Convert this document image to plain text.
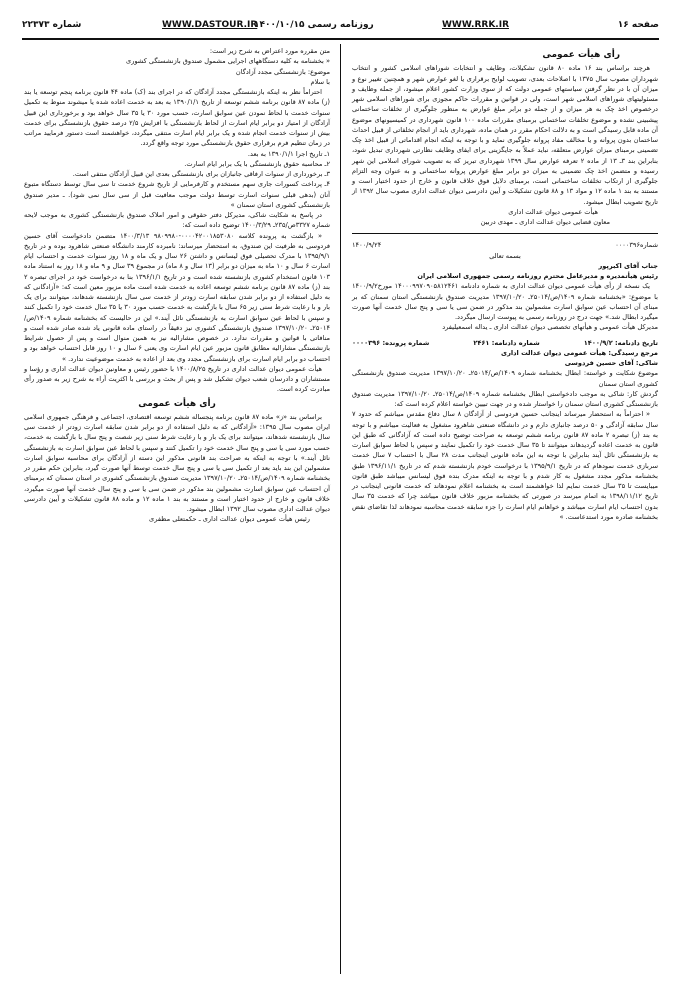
صفحه ۱۶
WWW.RRK.IR
روزنامه رسمی ۱۴۰۰/۱۰/۱۵
WWW.DASTOUR.IR
شماره ۲۲۳۷۳
رأی هیأت عمومی

هرچند براساس بند ۱۶ ماده ۸۰ قانون تشکیلات، وظایف و انتخابات شوراهای اسلامی کشور و انتخاب شهرداران مصوب سال ۱۳۷۵ با اصلاحات بعدی، تصویب لوایح برقراری یا لغو عوارض شهر و همچنین تغییر نوع و میزان آن با در نظر گرفتن سیاستهای عمومی دولت که از سوی وزارت کشور اعلام میشود، از جمله وظایف و مسئولیتهای شوراهای اسلامی شهر است، ولی در قوانین و مقررات حاکم مجوزی برای شوراهای اسلامی شهر درخصوص اخذ چک به هر میزان و از جمله دو برابر مبلغ عوارض به منظور جلوگیری از تخلفات ساختمانی پیشبینی نشده و موضوع تخلفات ساختمانی برمبنای مقررات ماده ۱۰۰ قانون شهرداری در کمیسیونهای موضوع آن ماده قابل رسیدگی است و به دلالت احکام مقرر در همان ماده، شهرداری باید از انجام تخلفاتی از قبیل احداث ساختمان بدون پروانه و یا مخالف مفاد پروانه جلوگیری نماید و با توجه به اینکه انجام اقداماتی از قبیل اخذ چک تضمینی برمبنای میزان عوارض متعلقه، نباید عملاً به جایگزینی برای ایفای وظایف نظارتی شهرداری تبدیل شود، بنابراین بند ۳ـ ۱۳ از ماده ۲ تعرفه عوارض سال ۱۳۹۹ شهرداری تبریز که به تصویب شورای اسلامی این شهر رسیده و متضمن اخذ چک تضمینی به میزان دو برابر مبلغ عوارض پروانه ساختمانی و به عنوان وجه التزام جلوگیری از ارتکاب تخلفات ساختمانی است، برمبنای دلایل فوق خلاف قانون و خارج از حدود اختیار است و مستند به بند ۱ ماده ۱۲ و مواد ۱۳ و ۸۸ قانون تشکیلات و آیین دادرسی دیوان عدالت اداری مصوب سال ۱۳۹۲ از تاریخ تصویب ابطال میشود.

هیأت عمومی دیوان عدالت اداری

معاون قضایی دیوان عدالت اداری ـ مهدی دربین

شماره۰۰۰۰۳۹۶
۱۴۰۰/۹/۲۴

بسمه تعالی

جناب آقای اکبرپور

رئیس هیأتمدیره و مدیرعامل محترم روزنامه رسمی جمهوری اسلامی ایران

یک نسخه از رأی هیأت عمومی دیوان عدالت اداری به شماره دادنامه ۱۴۰۰۰۹۹۷۰۹۰۵۸۱۲۴۶۱ مورخ۱۴۰۰/۹/۲ با موضوع: «بخشنامه شماره ۱۴۰۹/ص/۲۵۰۱۴ـ ۱۳۹۷/۱۰/۲۰ مدیریت صندوق بازنشستگی استان سمنان که بر مبنای آن احتساب عین سوابق اسارت مشمولین بند مذکور در ضمن سی یا سی و پنج سال خدمت آنها صورت میگیرد ابطال شد.» جهت درج در روزنامه رسمی به پیوست ارسال میگردد.

مدیرکل هیأت عمومی و هیأتهای تخصصی دیوان عدالت اداری ـ یداله اسمعیلیفرد

تاریخ دادنامه: ۱۴۰۰/۹/۲
شماره دادنامه: ۲۴۶۱
شماره پرونده: ۰۰۰۰۳۹۶

مرجع رسیدگی: هیأت عمومی دیوان عدالت اداری

شاکی: آقای حسین فردوسی

موضوع شکایت و خواسته: ابطال بخشنامه شماره ۱۴۰۹/ص/۲۵۰۱۴ـ ۱۳۹۷/۱۰/۲۰ مدیریت صندوق بازنشستگی کشوری استان سمنان

گردش کار: شاکی به موجب دادخواستی ابطال بخشنامه شماره ۱۴۰۹/ص/۲۵۰۱۴ـ ۱۳۹۷/۱۰/۲۰ مدیریت صندوق بازنشستگی کشوری استان سمنان را خواستار شده و در جهت تبیین خواسته اعلام کرده است که:

« احتراماً به استحضار میرساند اینجانب حسین فردوسی از آزادگان ۸ سال دفاع مقدس میباشم که حدود ۷ سال سابقه آزادگی و ۵۰ درصد جانبازی دارم و در دانشگاه صنعتی شاهرود مشغول به فعالیت میباشم و با توجه به بند (ز) تبصره ۲ ماده ۸۷ قانون برنامه ششم توسعه به صراحت توضیح داده است که آزادگانی که طبق این قانون به خدمت اعاده گردیدهاند میتوانند تا ۳۵ سال خدمت خود را تکمیل نمایند و سپس با لحاظ سوابق اسارت به بازنشستگی نائل آیند بنابراین با توجه به این ماده قانونی اینجانب مدت ۲۸ سال با احتساب ۷ سال خدمت سربازی خدمت نمودهام که در تاریخ ۱۳۹۵/۹/۱ با درخواست خودم بازنشسته شدم که در تاریخ ۱۳۹۶/۱۱/۱ طبق بخشنامه مذکور مجدد مشغول به کار شدم و با توجه به اینکه مدرک بنده فوق لیسانس میباشد طبق قانون میبایست تا ۳۵ سال خدمت نمایم لذا خواهشمند است به بخشنامه اعلام نمودهاند که خدمت قانونی اینجانب در تاریخ ۱۳۹۸/۱۱/۱۲ به اتمام میرسد در صورتی که بخشنامه مزبور خلاف قانون میباشد چرا که خدمت ۳۵ سال بدون احتساب ایام اسارت میباشد و خواهانم ایام اسارت را جزء سابقه خدمت محاسبه نمودهاند لذا تقاضای نقض بخشنامه صادره مورد استدعاست. »

متن مقرره مورد اعتراض به شرح زیر است:

« بخشنامه به کلیه دستگاههای اجرایی مشمول صندوق بازنشستگی کشوری

موضوع: بازنشستگی مجدد آزادگان

با سلام

احتراماً نظر به اینکه بازنشستگی مجدد آزادگان که در اجرای بند (ک) ماده ۴۴ قانون برنامه پنجم توسعه یا بند (ز) ماده ۸۷ قانون برنامه ششم توسعه از تاریخ ۱۳۹۰/۱/۱ به بعد به خدمت اعاده شده یا میشوند منوط به تکمیل سنوات خدمت با لحاظ نمودن عین سوابق اسارت، حسب مورد ۳۰ یا ۳۵ سال خواهد بود و برخورداری این قبیل آزادگان از امتیاز دو برابر ایام اسارت از لحاظ بازنشستگی با افزایش ۲/۵ درصد حقوق بازنشستگی برای خدمت بیش از سنوات خدمت انجام شده و یک برابر ایام اسارت منتفی میگردد، خواهشمند است دستور فرمایید مراتب در زمان تنظیم فرم برقراری حقوق بازنشستگی مورد توجه واقع گردد.

۱ـ تاریخ اجرا ۱۳۹۰/۱/۱ به بعد.

۲ـ محاسبه حقوق بازنشستگی با یک برابر ایام اسارت.

۳ـ برخورداری از سنوات ارفاقی جانبازان برای بازنشستگی بعدی این قبیل آزادگان منتفی است.

۴ـ پرداخت کسورات جاری سهم مستخدم و کارفرمایی از تاریخ شروع خدمت تا سی سال توسط دستگاه متبوع آنان (بدهی قبلی سنوات اسارت توسط دولت موجب معافیت قبل از سی سال نمی شود). ـ مدیر صندوق بازنشستگی کشوری استان سمنان »

در پاسخ به شکایت شاکی، مدیرکل دفتر حقوقی و امور املاک صندوق بازنشستگی کشوری به موجب لایحه شماره ۳۳۲۷ص/۲۳۵ـ ۱۴۰۰/۳/۲۹ توضیح داده است که:

« بازگشت به پرونده کلاسه ۰۰۰۰۴۲۰۰۱۸۵۳۰۸۰-۹۸۰۹۹۸۰ ۱۴۰۰/۳/۱۳ متضمن دادخواست آقای حسین فردوسی به طرفیت این صندوق، به استحضار میرساند: نامبرده کارمند دانشگاه صنعتی شاهرود بوده و در تاریخ ۱۳۹۵/۹/۱ با مدرک تحصیلی فوق لیسانس و داشتن ۲۶ سال و یک ماه و ۱۸ روز سنوات خدمت و احتساب ایام اسارت ۶ سال و ۱۰ ماه به میزان دو برابر (۱۳ سال و ۸ ماه) در مجموع ۳۹ سال و ۹ ماه و ۱۸ روز به استناد ماده ۱۰۳ قانون استخدام کشوری بازنشسته شده است و در تاریخ ۱۳۹۶/۱/۱ بنا به درخواست خود در اجرای تبصره ۲ بند (ز) ماده ۸۷ قانون برنامه ششم توسعه اعاده به خدمت شده است ماده مزبور معین است که: «آزادگانی که به دلیل استفاده از دو برابر شدن سابقه اسارت زودتر از خدمت سی سال بازنشسته شدهاند، میتوانند برای یک بار و با رعایت شرط سنی زیر ۶۵ سال با بازگشت به خدمت حسب مورد ۳۰ یا ۳۵ سال خدمت خود را تکمیل کنند و سپس با لحاظ عین سوابق اسارت به بازنشستگی نائل آیند.» این در حالیست که بخشنامه شماره ۱۴۰۹/ص/۲۵۰۱۴ـ ۱۳۹۷/۱۰/۲۰ صندوق بازنشستگی کشوری نیز دقیقاً در راستای ماده قانونی یاد شده صادر شده است و منافاتی با قوانین و مقررات ندارد. در خصوص مشارالیه نیز به همین منوال است و پس از حصول شرایط بازنشستگی مشارالیه مطابق قانون مزبور عین ایام اسارت وی یعنی ۶ سال و ۱۰ روز قابل احتساب خواهد بود و احتساب دو برابر ایام اسارت برای بازنشستگی مجدد وی بعد از اعاده به خدمت موضوعیت ندارد. »

هیأت عمومی دیوان عدالت اداری در تاریخ ۱۴۰۰/۸/۲۵ با حضور رئیس و معاونین دیوان عدالت اداری و رؤسا و مستشاران و دادرسان شعب دیوان تشکیل شد و پس از بحث و بررسی با اکثریت آراء به شرح زیر به صدور رأی مبادرت کرده است.

رأی هیأت عمومی

براساس بند «ز» ماده ۸۷ قانون برنامه پنجساله ششم توسعه اقتصادی، اجتماعی و فرهنگی جمهوری اسلامی ایران مصوب سال ۱۳۹۵: «آزادگانی که به دلیل استفاده از دو برابر شدن سابقه اسارت زودتر از خدمت سی سال بازنشسته شدهاند، میتوانند برای یک بار و با رعایت شرط سنی زیر شصت و پنج سال با بازگشت به خدمت، حسب مورد سی یا سی و پنج سال خدمت خود را تکمیل کنند و سپس با لحاظ عین سوابق اسارت به بازنشستگی نائل آیند.» با توجه به اینکه به صراحت بند قانونی مذکور این دسته از آزادگان برای محاسبه سوابق اسارت مشمولین این بند باید بعد از تکمیل سی یا سی و پنج سال خدمت توسط آنها صورت گیرد، بنابراین حکم مقرر در بخشنامه شماره ۱۴۰۹/ص/۲۵۰۱۴ـ ۱۳۹۷/۱۰/۲۰ مدیریت صندوق بازنشستگی کشوری در استان سمنان که برمبنای آن احتساب عین سوابق اسارت مشمولین بند مذکور در ضمن سی یا سی و پنج سال خدمت آنها صورت میگیرد، خلاف قانون و خارج از حدود اختیار است و مستند به بند ۱ ماده ۱۲ و ماده ۸۸ قانون تشکیلات و آیین دادرسی دیوان عدالت اداری مصوب سال ۱۳۹۲ ابطال میشود.

رئیس هیأت عمومی دیوان عدالت اداری ـ حکمتعلی مظفری
